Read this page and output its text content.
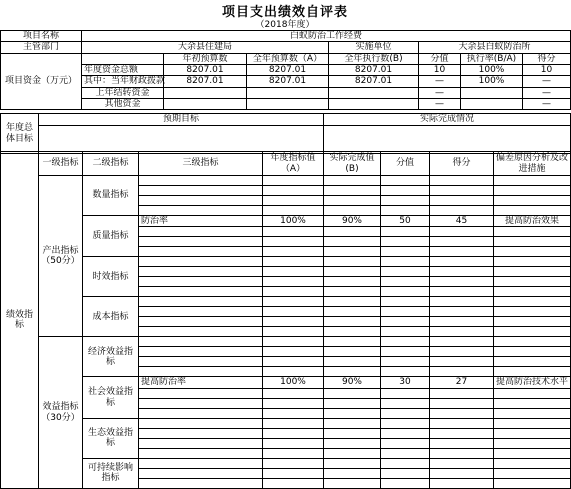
项目支出绩效自评表
（2018年度）
项目名称	白蚁防治工作经费						
主管部门	大余县住建局			实施单位	大余县白蚁防治所		
项目资金（万元）		年初预算数	全年预算数（A）	全年执行数(B)	分值	执行率(B/A)	得分
	年度资金总额	8207.01	8207.01	8207.01	10	100%	10
	其中：当年财政拨款	8207.01	8207.01	8207.01	—	100%	—
	上年结转资金				—		—
	其他资金				—		—
年度总体目标	预期目标	实际完成情况

绩效指标	一级指标	二级指标	三级指标	年度指标值（A）	实际完成值(B)	分值	得分	偏差原因分析及改进措施
	产出指标（50分）	数量指标						

		质量指标	防治率	100%	90%	50	45	提高防治效果

		时效指标						

		成本指标						

	效益指标（30分）	经济效益指标						

		社会效益指标	提高防治率	100%	90%	30	27	提高防治技术水平

		生态效益指标						

		可持续影响指标						
